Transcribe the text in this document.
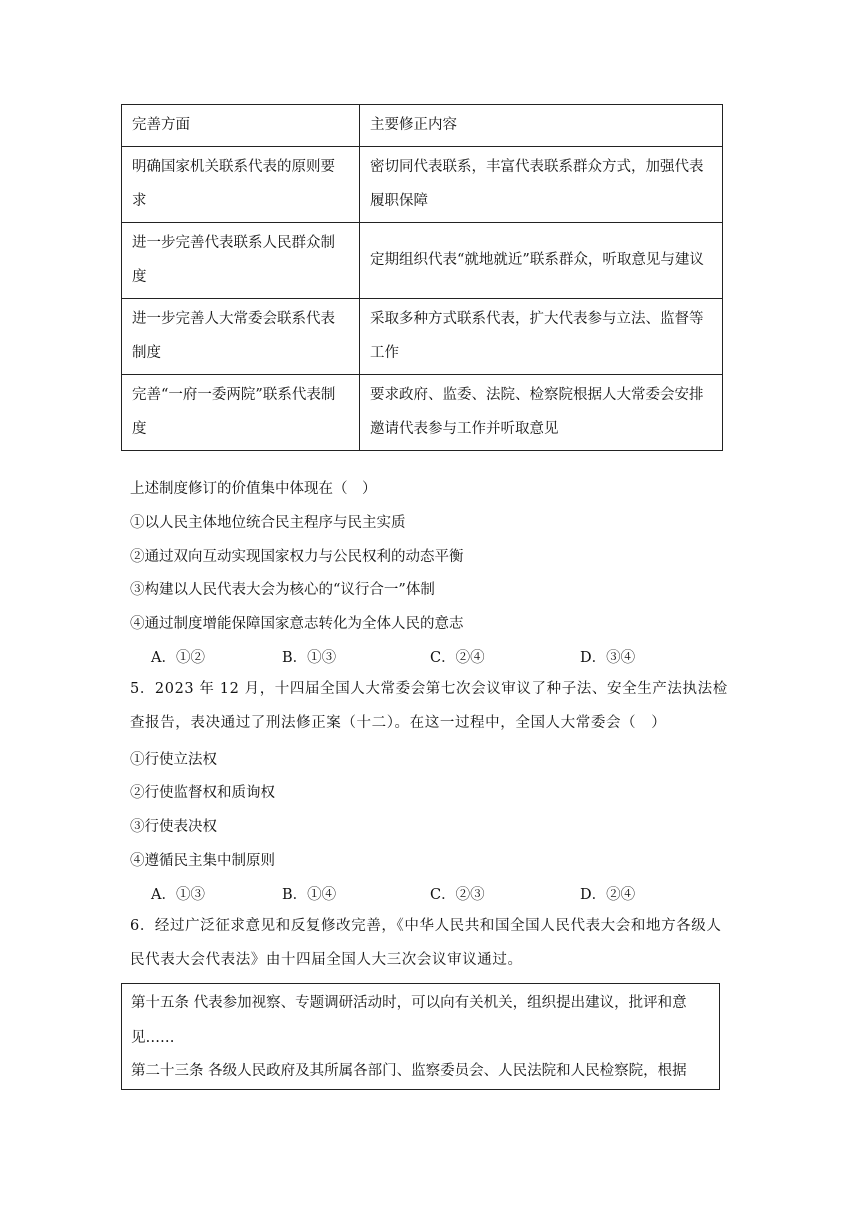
完善方面	主要修正内容
明确国家机关联系代表的原则要求	密切同代表联系，丰富代表联系群众方式，加强代表履职保障
进一步完善代表联系人民群众制度	定期组织代表“就地就近”联系群众，听取意见与建议
进一步完善人大常委会联系代表制度	采取多种方式联系代表，扩大代表参与立法、监督等工作
完善“一府一委两院”联系代表制度	要求政府、监委、法院、检察院根据人大常委会安排邀请代表参与工作并听取意见
上述制度修订的价值集中体现在（　）
①以人民主体地位统合民主程序与民主实质
②通过双向互动实现国家权力与公民权利的动态平衡
③构建以人民代表大会为核心的“议行合一”体制
④通过制度增能保障国家意志转化为全体人民的意志
A．①②	B．①③	C．②④	D．③④
5．2023 年 12 月，十四届全国人大常委会第七次会议审议了种子法、安全生产法执法检查报告，表决通过了刑法修正案（十二）。在这一过程中，全国人大常委会（　）
①行使立法权
②行使监督权和质询权
③行使表决权
④遵循民主集中制原则
A．①③	B．①④	C．②③	D．②④
6．经过广泛征求意见和反复修改完善，《中华人民共和国全国人民代表大会和地方各级人民代表大会代表法》由十四届全国人大三次会议审议通过。
第十五条 代表参加视察、专题调研活动时，可以向有关机关，组织提出建议，批评和意
见……
第二十三条 各级人民政府及其所属各部门、监察委员会、人民法院和人民检察院，根据
